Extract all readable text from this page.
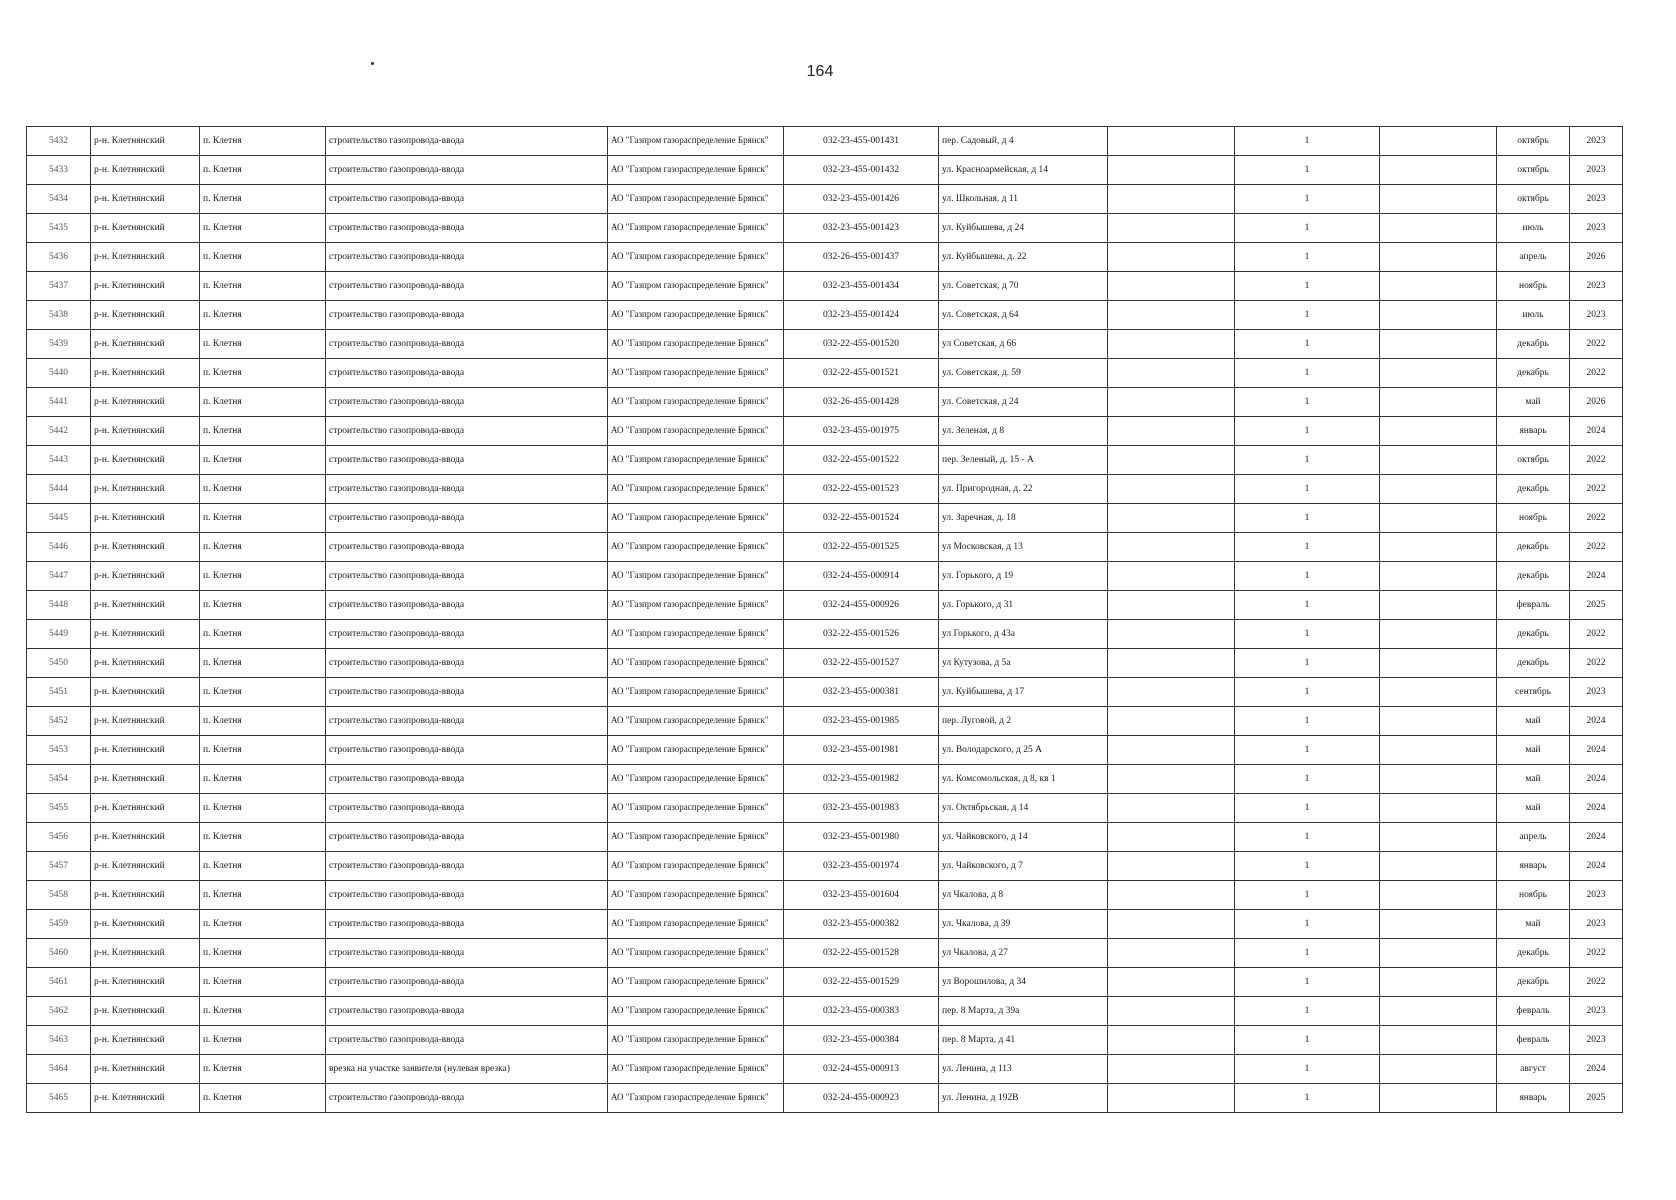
164
5432	р-н. Клетнянский	п. Клетня	строительство газопровода-ввода	АО "Газпром газораспределение Брянск"	032-23-455-001431	пер. Садовый, д 4		1		октябрь	2023
5433	р-н. Клетнянский	п. Клетня	строительство газопровода-ввода	АО "Газпром газораспределение Брянск"	032-23-455-001432	ул. Красноармейская, д 14		1		октябрь	2023
5434	р-н. Клетнянский	п. Клетня	строительство газопровода-ввода	АО "Газпром газораспределение Брянск"	032-23-455-001426	ул. Школьная, д 11		1		октябрь	2023
5435	р-н. Клетнянский	п. Клетня	строительство газопровода-ввода	АО "Газпром газораспределение Брянск"	032-23-455-001423	ул. Куйбышева, д 24		1		июль	2023
5436	р-н. Клетнянский	п. Клетня	строительство газопровода-ввода	АО "Газпром газораспределение Брянск"	032-26-455-001437	ул. Куйбышева, д. 22		1		апрель	2026
5437	р-н. Клетнянский	п. Клетня	строительство газопровода-ввода	АО "Газпром газораспределение Брянск"	032-23-455-001434	ул. Советская, д 70		1		ноябрь	2023
5438	р-н. Клетнянский	п. Клетня	строительство газопровода-ввода	АО "Газпром газораспределение Брянск"	032-23-455-001424	ул. Советская, д 64		1		июль	2023
5439	р-н. Клетнянский	п. Клетня	строительство газопровода-ввода	АО "Газпром газораспределение Брянск"	032-22-455-001520	ул Советская, д 66		1		декабрь	2022
5440	р-н. Клетнянский	п. Клетня	строительство газопровода-ввода	АО "Газпром газораспределение Брянск"	032-22-455-001521	ул. Советская, д. 59		1		декабрь	2022
5441	р-н. Клетнянский	п. Клетня	строительство газопровода-ввода	АО "Газпром газораспределение Брянск"	032-26-455-001428	ул. Советская, д 24		1		май	2026
5442	р-н. Клетнянский	п. Клетня	строительство газопровода-ввода	АО "Газпром газораспределение Брянск"	032-23-455-001975	ул. Зеленая, д 8		1		январь	2024
5443	р-н. Клетнянский	п. Клетня	строительство газопровода-ввода	АО "Газпром газораспределение Брянск"	032-22-455-001522	пер. Зеленый, д. 15 - А		1		октябрь	2022
5444	р-н. Клетнянский	п. Клетня	строительство газопровода-ввода	АО "Газпром газораспределение Брянск"	032-22-455-001523	ул. Пригородная, д. 22		1		декабрь	2022
5445	р-н. Клетнянский	п. Клетня	строительство газопровода-ввода	АО "Газпром газораспределение Брянск"	032-22-455-001524	ул. Заречная, д. 18		1		ноябрь	2022
5446	р-н. Клетнянский	п. Клетня	строительство газопровода-ввода	АО "Газпром газораспределение Брянск"	032-22-455-001525	ул Московская, д 13		1		декабрь	2022
5447	р-н. Клетнянский	п. Клетня	строительство газопровода-ввода	АО "Газпром газораспределение Брянск"	032-24-455-000914	ул. Горького, д 19		1		декабрь	2024
5448	р-н. Клетнянский	п. Клетня	строительство газопровода-ввода	АО "Газпром газораспределение Брянск"	032-24-455-000926	ул. Горького, д 31		1		февраль	2025
5449	р-н. Клетнянский	п. Клетня	строительство газопровода-ввода	АО "Газпром газораспределение Брянск"	032-22-455-001526	ул Горького, д 43а		1		декабрь	2022
5450	р-н. Клетнянский	п. Клетня	строительство газопровода-ввода	АО "Газпром газораспределение Брянск"	032-22-455-001527	ул Кутузова, д 5а		1		декабрь	2022
5451	р-н. Клетнянский	п. Клетня	строительство газопровода-ввода	АО "Газпром газораспределение Брянск"	032-23-455-000381	ул. Куйбышева, д 17		1		сентябрь	2023
5452	р-н. Клетнянский	п. Клетня	строительство газопровода-ввода	АО "Газпром газораспределение Брянск"	032-23-455-001985	пер. Луговой, д 2		1		май	2024
5453	р-н. Клетнянский	п. Клетня	строительство газопровода-ввода	АО "Газпром газораспределение Брянск"	032-23-455-001981	ул. Володарского, д 25 А		1		май	2024
5454	р-н. Клетнянский	п. Клетня	строительство газопровода-ввода	АО "Газпром газораспределение Брянск"	032-23-455-001982	ул. Комсомольская, д 8, кв 1		1		май	2024
5455	р-н. Клетнянский	п. Клетня	строительство газопровода-ввода	АО "Газпром газораспределение Брянск"	032-23-455-001983	ул. Октябрьская, д 14		1		май	2024
5456	р-н. Клетнянский	п. Клетня	строительство газопровода-ввода	АО "Газпром газораспределение Брянск"	032-23-455-001980	ул. Чайковского, д 14		1		апрель	2024
5457	р-н. Клетнянский	п. Клетня	строительство газопровода-ввода	АО "Газпром газораспределение Брянск"	032-23-455-001974	ул. Чайковского, д 7		1		январь	2024
5458	р-н. Клетнянский	п. Клетня	строительство газопровода-ввода	АО "Газпром газораспределение Брянск"	032-23-455-001604	ул Чкалова, д 8		1		ноябрь	2023
5459	р-н. Клетнянский	п. Клетня	строительство газопровода-ввода	АО "Газпром газораспределение Брянск"	032-23-455-000382	ул. Чкалова, д 39		1		май	2023
5460	р-н. Клетнянский	п. Клетня	строительство газопровода-ввода	АО "Газпром газораспределение Брянск"	032-22-455-001528	ул Чкалова, д 27		1		декабрь	2022
5461	р-н. Клетнянский	п. Клетня	строительство газопровода-ввода	АО "Газпром газораспределение Брянск"	032-22-455-001529	ул Ворошилова, д 34		1		декабрь	2022
5462	р-н. Клетнянский	п. Клетня	строительство газопровода-ввода	АО "Газпром газораспределение Брянск"	032-23-455-000383	пер. 8 Марта, д 39а		1		февраль	2023
5463	р-н. Клетнянский	п. Клетня	строительство газопровода-ввода	АО "Газпром газораспределение Брянск"	032-23-455-000384	пер. 8 Марта, д 41		1		февраль	2023
5464	р-н. Клетнянский	п. Клетня	врезка на участке заявителя (нулевая врезка)	АО "Газпром газораспределение Брянск"	032-24-455-000913	ул. Ленина, д 113		1		август	2024
5465	р-н. Клетнянский	п. Клетня	строительство газопровода-ввода	АО "Газпром газораспределение Брянск"	032-24-455-000923	ул. Ленина, д 192В		1		январь	2025
